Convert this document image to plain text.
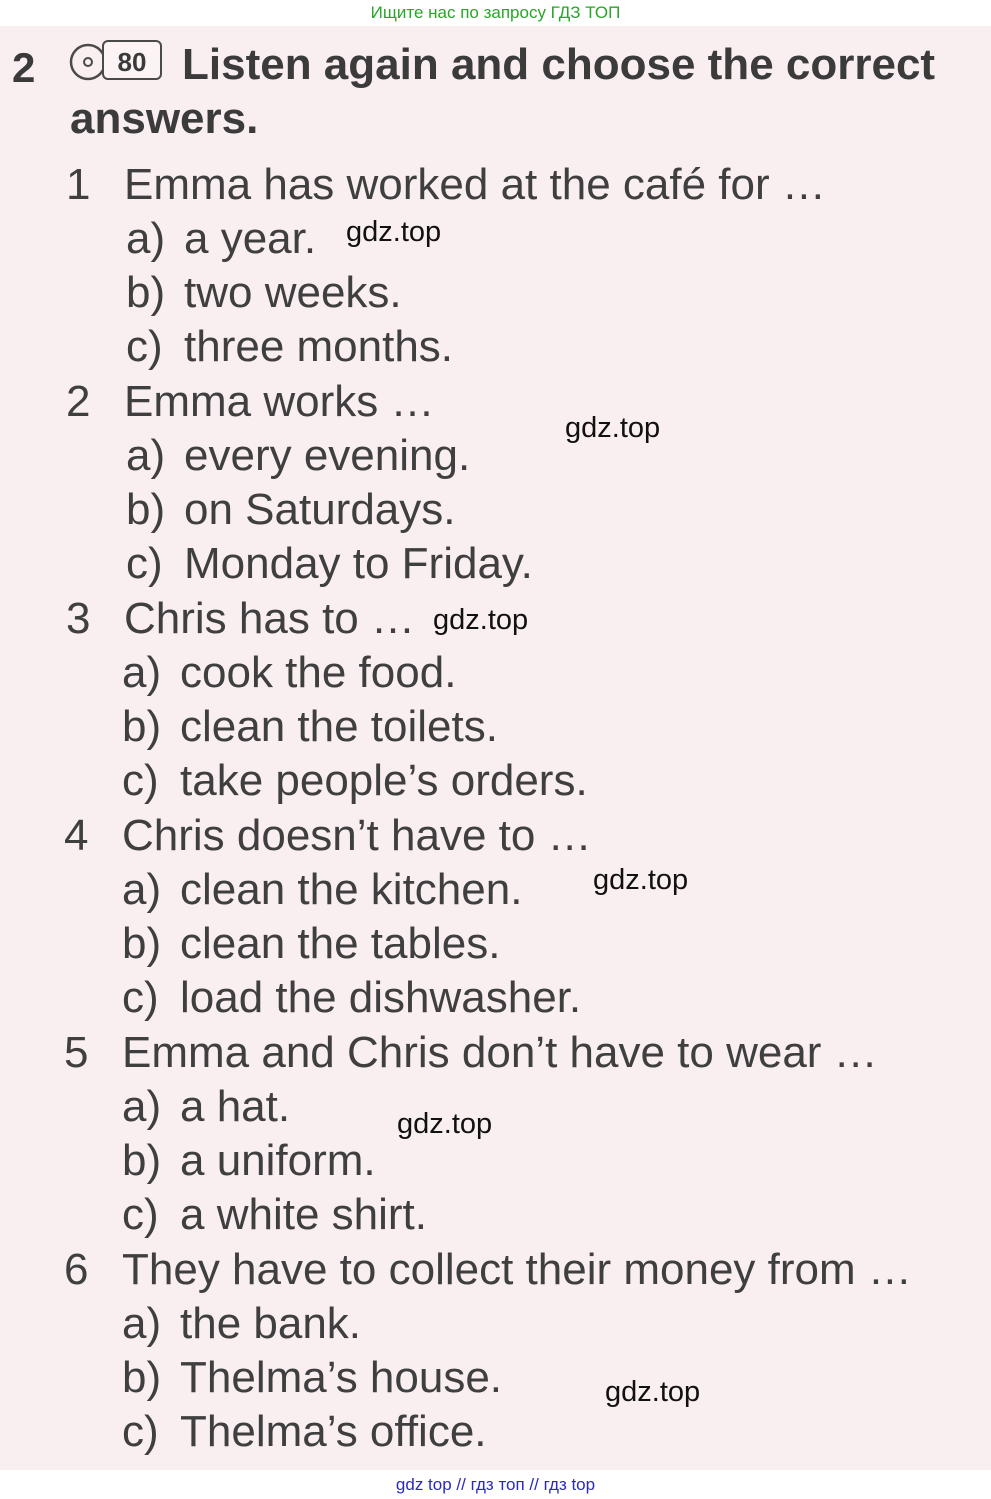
Ищите нас по запросу ГДЗ ТОП
2	80 Listen again and choose the correct answers.

1 Emma has worked at the café for …
a) a year.
b) two weeks.
c) three months.
2 Emma works …
a) every evening.
b) on Saturdays.
c) Monday to Friday.
3 Chris has to …
a) cook the food.
b) clean the toilets.
c) take people’s orders.
4 Chris doesn’t have to …
a) clean the kitchen.
b) clean the tables.
c) load the dishwasher.
5 Emma and Chris don’t have to wear …
a) a hat.
b) a uniform.
c) a white shirt.
6 They have to collect their money from …
a) the bank.
b) Thelma’s house.
c) Thelma’s office.
gdz.top
gdz.top
gdz.top
gdz.top
gdz.top
gdz.top
gdz top // гдз топ // гдз top
